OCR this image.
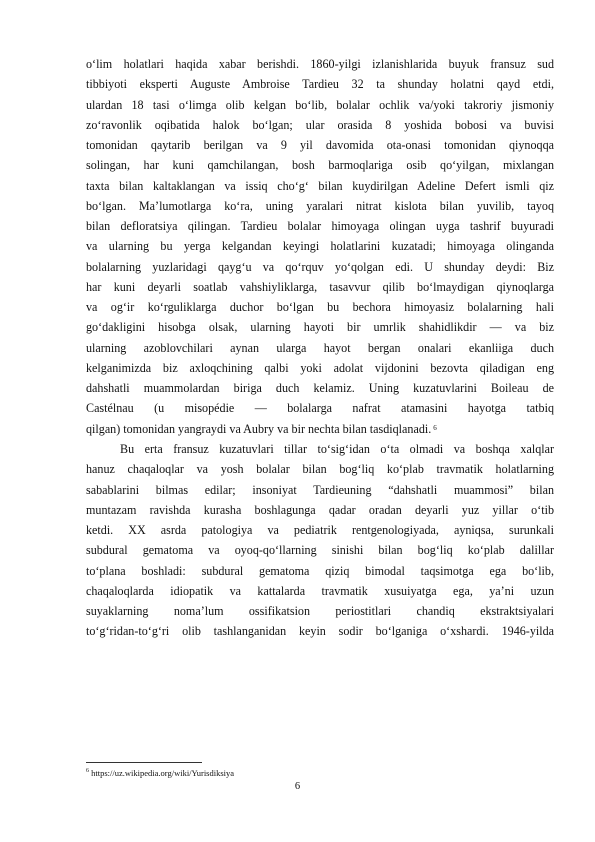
o‘lim holatlari haqida xabar berishdi. 1860-yilgi izlanishlarida buyuk fransuz sud
tibbiyoti eksperti Auguste Ambroise Tardieu 32 ta shunday holatni qayd etdi,
ulardan 18 tasi o‘limga olib kelgan bo‘lib, bolalar ochlik va/yoki takroriy jismoniy
zo‘ravonlik oqibatida halok bo‘lgan; ular orasida 8 yoshida bobosi va buvisi
tomonidan qaytarib berilgan va 9 yil davomida ota-onasi tomonidan qiynoqqa
solingan, har kuni qamchilangan, bosh barmoqlariga osib qo‘yilgan, mixlangan
taxta bilan kaltaklangan va issiq cho‘g‘ bilan kuydirilgan Adeline Defert ismli qiz
bo‘lgan. Ma’lumotlarga ko‘ra, uning yaralari nitrat kislota bilan yuvilib, tayoq
bilan defloratsiya qilingan. Tardieu bolalar himoyaga olingan uyga tashrif buyuradi
va ularning bu yerga kelgandan keyingi holatlarini kuzatadi; himoyaga olinganda
bolalarning yuzlaridagi qayg‘u va qo‘rquv yo‘qolgan edi. U shunday deydi: Biz
har kuni deyarli soatlab vahshiyliklarga, tasavvur qilib bo‘lmaydigan qiynoqlarga
va og‘ir ko‘rguliklarga duchor bo‘lgan bu bechora himoyasiz bolalarning hali
go‘dakligini hisobga olsak, ularning hayoti bir umrlik shahidlikdir — va biz
ularning azoblovchilari aynan ularga hayot bergan onalari ekanliiga duch
kelganimizda biz axloqchining qalbi yoki adolat vijdonini bezovta qiladigan eng
dahshatli muammolardan biriga duch kelamiz. Uning kuzatuvlarini Boileau de
Castélnau (u misopédie — bolalarga nafrat atamasini hayotga tatbiq
qilgan) tomonidan yangraydi va Aubry va bir nechta bilan tasdiqlanadi. $^6$
Bu erta fransuz kuzatuvlari tillar to‘sig‘idan o‘ta olmadi va boshqa xalqlar
hanuz chaqaloqlar va yosh bolalar bilan bog‘liq ko‘plab travmatik holatlarning
sabablarini bilmas edilar; insoniyat Tardieuning “dahshatli muammosi” bilan
muntazam ravishda kurasha boshlagunga qadar oradan deyarli yuz yillar o‘tib
ketdi. XX asrda patologiya va pediatrik rentgenologiyada, ayniqsa, surunkali
subdural gematoma va oyoq-qo‘llarning sinishi bilan bog‘liq ko‘plab dalillar
to‘plana boshladi: subdural gematoma qiziq bimodal taqsimotga ega bo‘lib,
chaqaloqlarda idiopatik va kattalarda travmatik xusuiyatga ega, ya’ni uzun
suyaklarning noma’lum ossifikatsion periostitlari chandiq ekstraktsiyalari
to‘g‘ridan-to‘g‘ri olib tashlanganidan keyin sodir bo‘lganiga o‘xshardi. 1946-yilda
$^6$ https://uz.wikipedia.org/wiki/Yurisdiksiya
6
